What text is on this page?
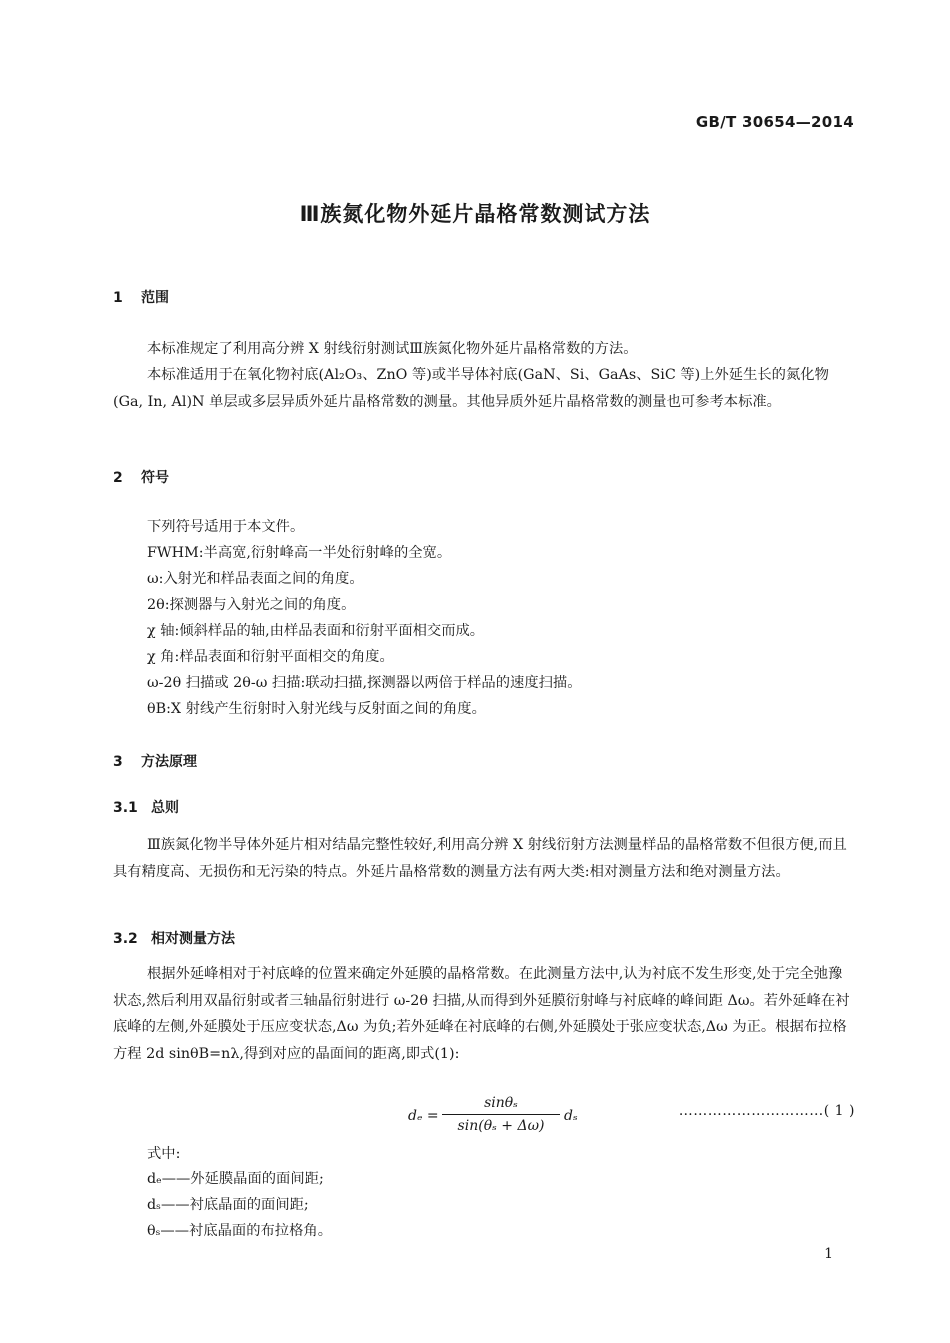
GB/T 30654—2014
Ⅲ族氮化物外延片晶格常数测试方法
1 范围
本标准规定了利用高分辨 X 射线衍射测试Ⅲ族氮化物外延片晶格常数的方法。
本标准适用于在氧化物衬底(Al₂O₃、ZnO 等)或半导体衬底(GaN、Si、GaAs、SiC 等)上外延生长的氮化物(Ga, In, Al)N 单层或多层异质外延片晶格常数的测量。其他异质外延片晶格常数的测量也可参考本标准。
2 符号
下列符号适用于本文件。
FWHM:半高宽,衍射峰高一半处衍射峰的全宽。
ω:入射光和样品表面之间的角度。
2θ:探测器与入射光之间的角度。
χ 轴:倾斜样品的轴,由样品表面和衍射平面相交而成。
χ 角:样品表面和衍射平面相交的角度。
ω-2θ 扫描或 2θ-ω 扫描:联动扫描,探测器以两倍于样品的速度扫描。
θB:X 射线产生衍射时入射光线与反射面之间的角度。
3 方法原理
3.1 总则
Ⅲ族氮化物半导体外延片相对结晶完整性较好,利用高分辨 X 射线衍射方法测量样品的晶格常数不但很方便,而且具有精度高、无损伤和无污染的特点。外延片晶格常数的测量方法有两大类:相对测量方法和绝对测量方法。
3.2 相对测量方法
根据外延峰相对于衬底峰的位置来确定外延膜的晶格常数。在此测量方法中,认为衬底不发生形变,处于完全弛豫状态,然后利用双晶衍射或者三轴晶衍射进行 ω-2θ 扫描,从而得到外延膜衍射峰与衬底峰的峰间距 Δω。若外延峰在衬底峰的左侧,外延膜处于压应变状态,Δω 为负;若外延峰在衬底峰的右侧,外延膜处于张应变状态,Δω 为正。根据布拉格方程 2d sinθB=nλ,得到对应的晶面间的距离,即式(1):
dₑ =
sinθₛ
sin(θₛ + Δω)
dₛ	…………………………( 1 )
式中:
dₑ——外延膜晶面的面间距;
dₛ——衬底晶面的面间距;
θₛ——衬底晶面的布拉格角。
1
